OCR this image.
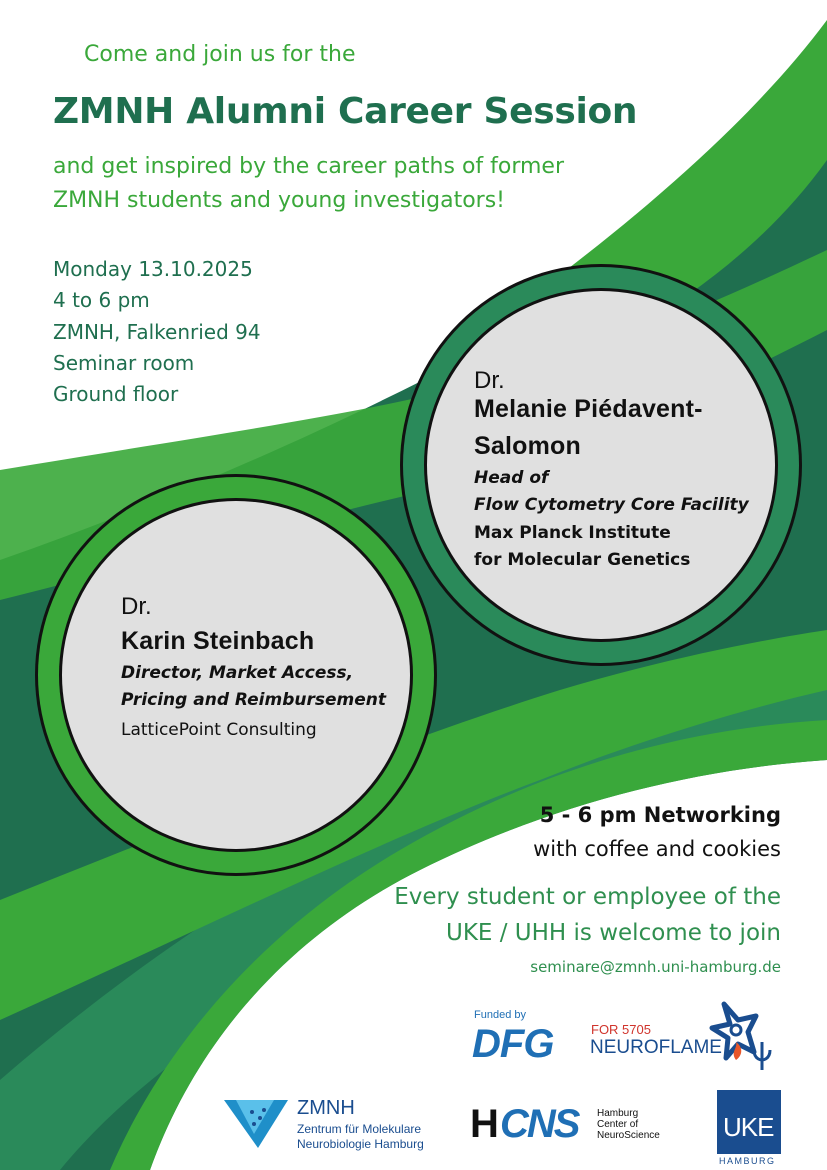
Come and join us for the
ZMNH Alumni Career Session
and get inspired by the career paths of former
ZMNH students and young investigators!
Monday 13.10.2025
4 to 6 pm
ZMNH, Falkenried 94
Seminar room
Ground floor	Dr.
Melanie Piédavent-
Salomon
Head of
Flow Cytometry Core Facility
Max Planck Institute
for Molecular Genetics
Dr.
Karin Steinbach
Director, Market Access,
Pricing and Reimbursement
LatticePoint Consulting
5 - 6 pm Networking
with coffee and cookies
Every student or employee of the
UKE / UHH is welcome to join
seminare@zmnh.uni-hamburg.de
Funded by
DFG	FOR 5705
NEUROFLAME
ZMNH
Zentrum für Molekulare
Neurobiologie Hamburg H CNS Hamburg
Center of
NeuroScience UKE
HAMBURG
